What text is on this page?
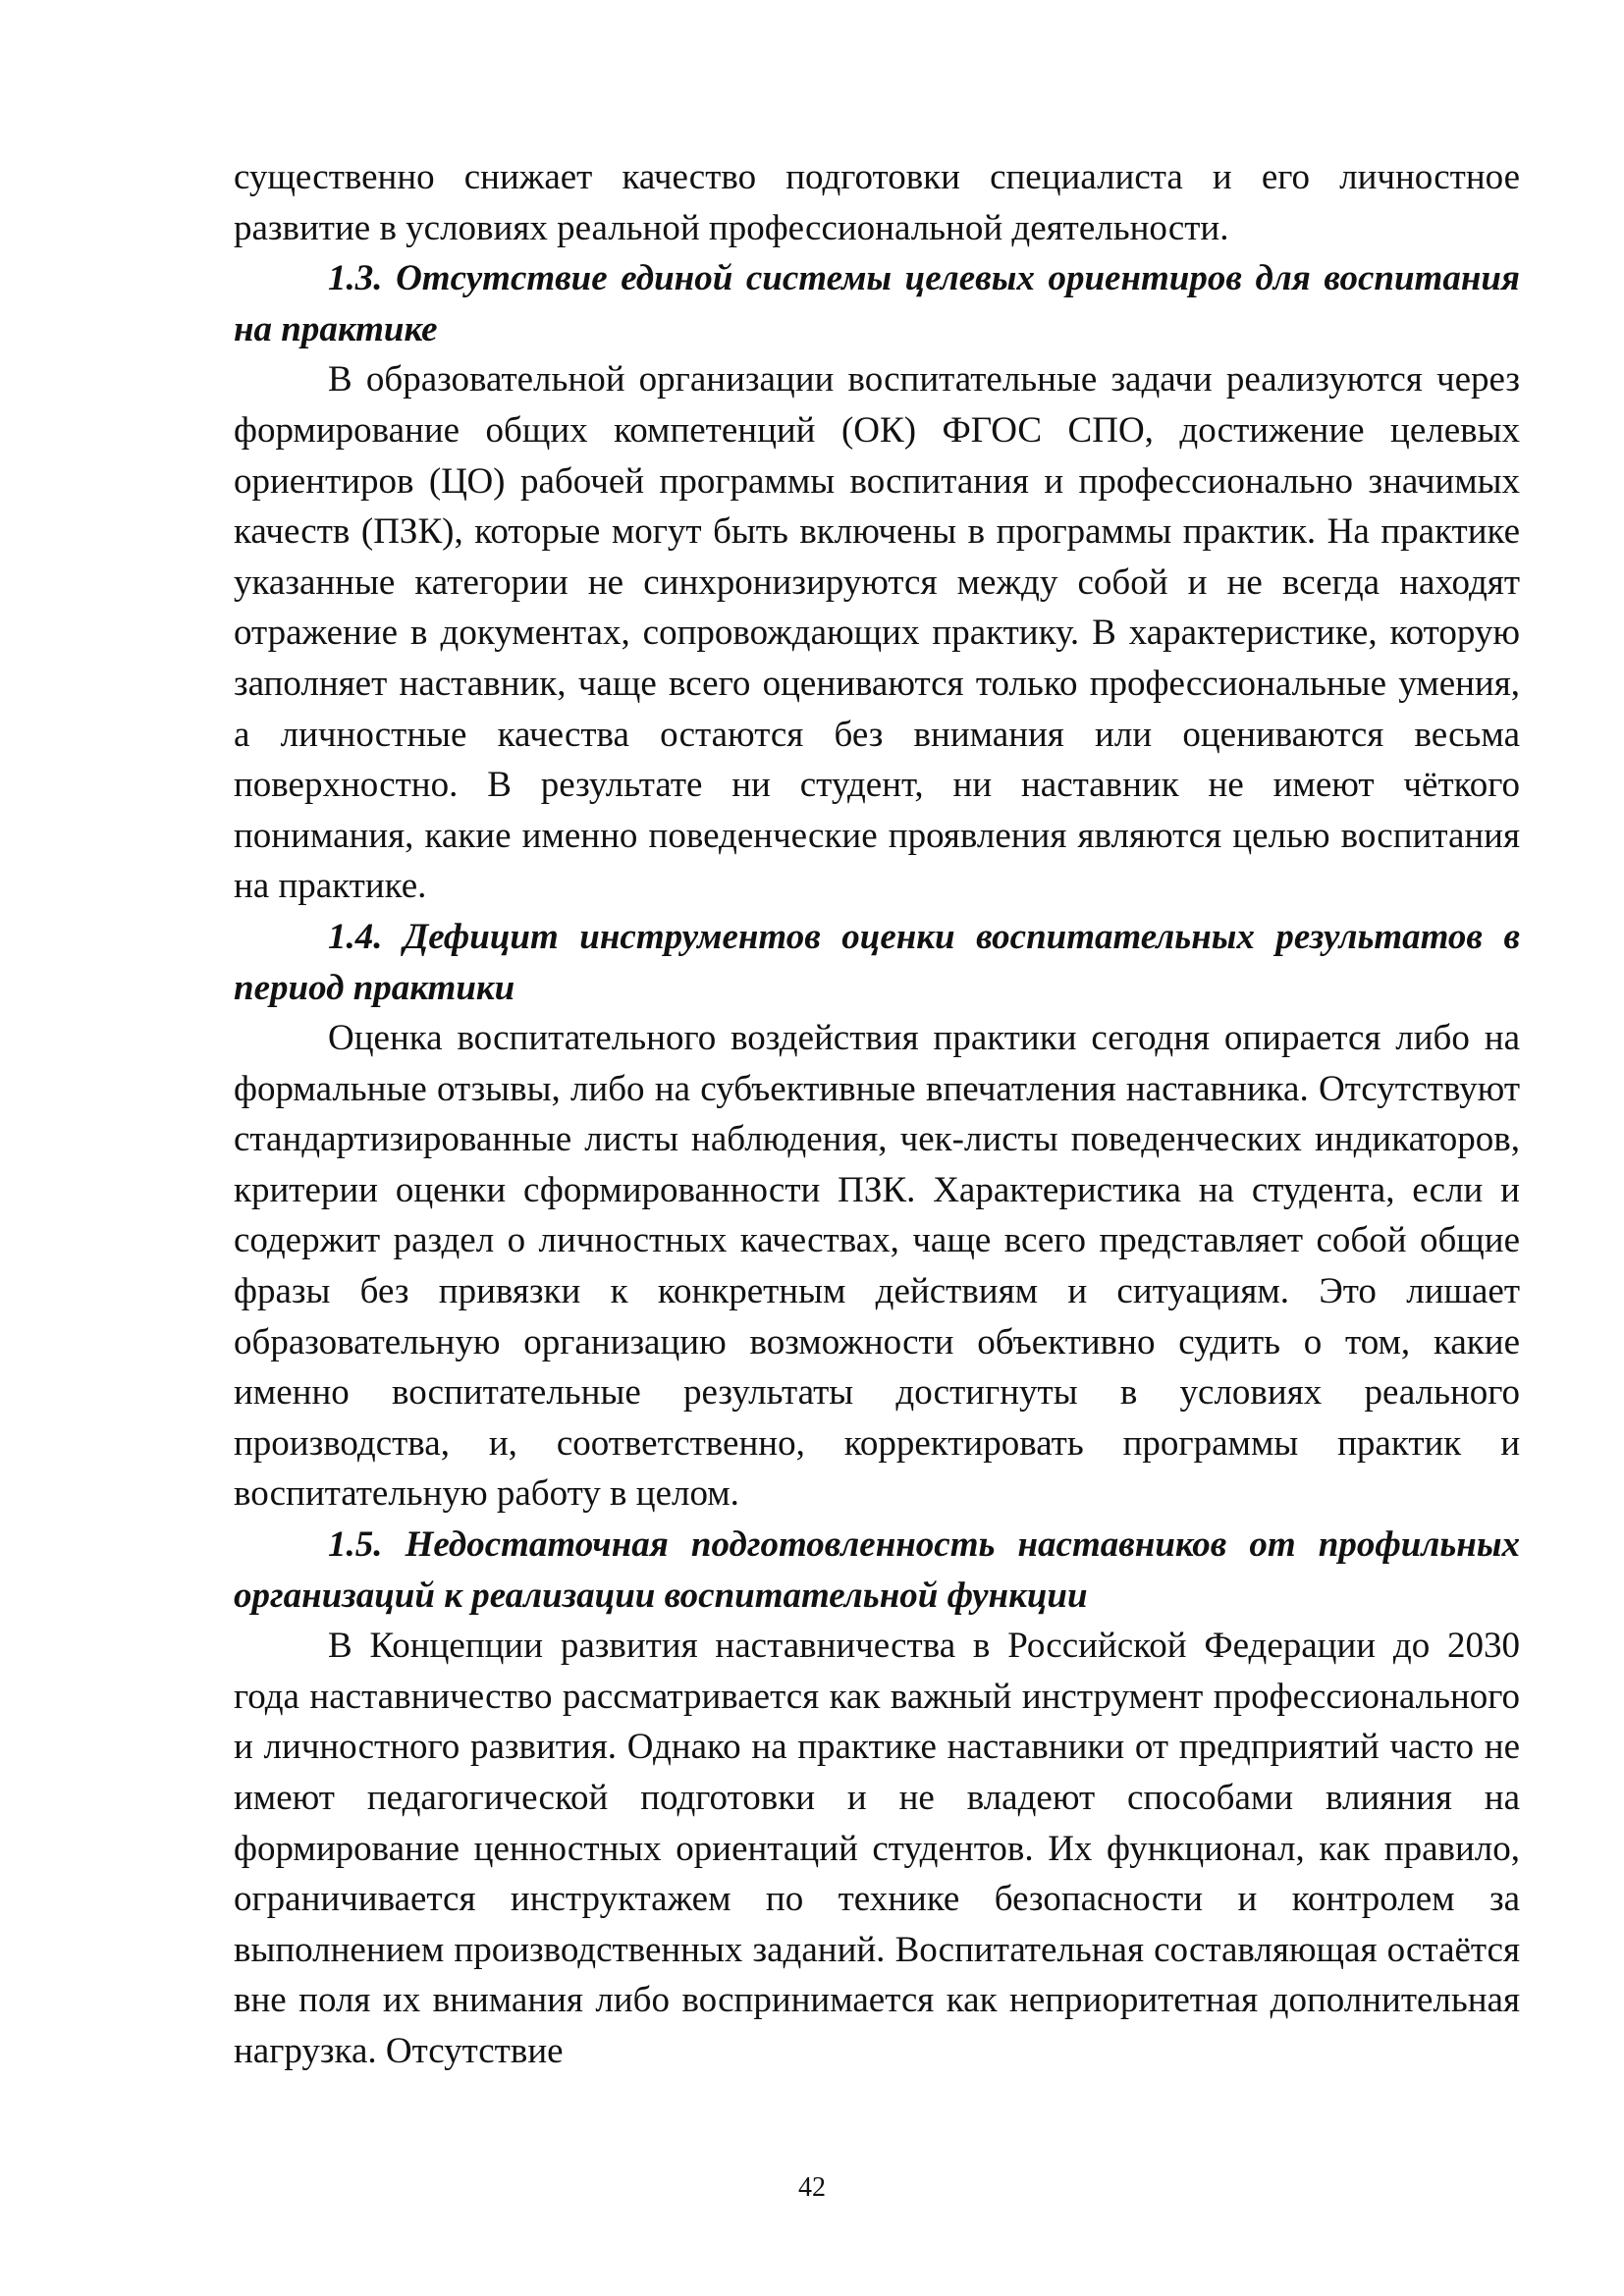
существенно снижает качество подготовки специалиста и его личностное развитие в условиях реальной профессиональной деятельности.

1.3. Отсутствие единой системы целевых ориентиров для воспитания на практике

В образовательной организации воспитательные задачи реализуются через формирование общих компетенций (ОК) ФГОС СПО, достижение целевых ориентиров (ЦО) рабочей программы воспитания и профессионально значимых качеств (ПЗК), которые могут быть включены в программы практик. На практике указанные категории не синхронизируются между собой и не всегда находят отражение в документах, сопровождающих практику. В характеристике, которую заполняет наставник, чаще всего оцениваются только профессиональные умения, а личностные качества остаются без внимания или оцениваются весьма поверхностно. В результате ни студент, ни наставник не имеют чёткого понимания, какие именно поведенческие проявления являются целью воспитания на практике.

1.4. Дефицит инструментов оценки воспитательных результатов в период практики

Оценка воспитательного воздействия практики сегодня опирается либо на формальные отзывы, либо на субъективные впечатления наставника. Отсутствуют стандартизированные листы наблюдения, чек-листы поведенческих индикаторов, критерии оценки сформированности ПЗК. Характеристика на студента, если и содержит раздел о личностных качествах, чаще всего представляет собой общие фразы без привязки к конкретным действиям и ситуациям. Это лишает образовательную организацию возможности объективно судить о том, какие именно воспитательные результаты достигнуты в условиях реального производства, и, соответственно, корректировать программы практик и воспитательную работу в целом.

1.5. Недостаточная подготовленность наставников от профильных организаций к реализации воспитательной функции

В Концепции развития наставничества в Российской Федерации до 2030 года наставничество рассматривается как важный инструмент профессионального и личностного развития. Однако на практике наставники от предприятий часто не имеют педагогической подготовки и не владеют способами влияния на формирование ценностных ориентаций студентов. Их функционал, как правило, ограничивается инструктажем по технике безопасности и контролем за выполнением производственных заданий. Воспитательная составляющая остаётся вне поля их внимания либо воспринимается как неприоритетная дополнительная нагрузка. Отсутствие

42
